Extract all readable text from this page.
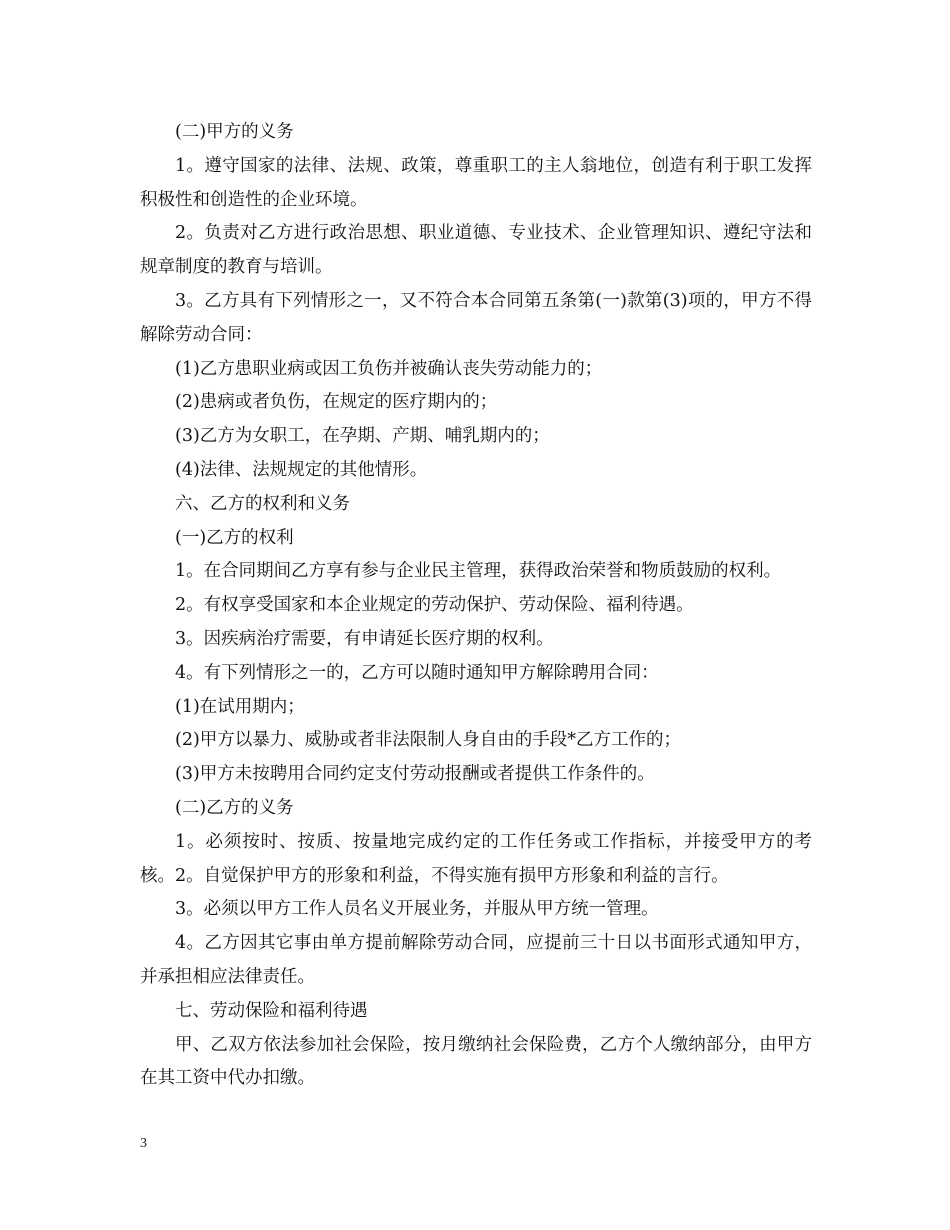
(二)甲方的义务

1。遵守国家的法律、法规、政策，尊重职工的主人翁地位，创造有利于职工发挥积极性和创造性的企业环境。

2。负责对乙方进行政治思想、职业道德、专业技术、企业管理知识、遵纪守法和规章制度的教育与培训。

3。乙方具有下列情形之一，又不符合本合同第五条第(一)款第(3)项的，甲方不得解除劳动合同：

(1)乙方患职业病或因工负伤并被确认丧失劳动能力的；

(2)患病或者负伤，在规定的医疗期内的；

(3)乙方为女职工，在孕期、产期、哺乳期内的；

(4)法律、法规规定的其他情形。

六、乙方的权利和义务

(一)乙方的权利

1。在合同期间乙方享有参与企业民主管理，获得政治荣誉和物质鼓励的权利。

2。有权享受国家和本企业规定的劳动保护、劳动保险、福利待遇。

3。因疾病治疗需要，有申请延长医疗期的权利。

4。有下列情形之一的，乙方可以随时通知甲方解除聘用合同：

(1)在试用期内；

(2)甲方以暴力、威胁或者非法限制人身自由的手段*乙方工作的；

(3)甲方未按聘用合同约定支付劳动报酬或者提供工作条件的。

(二)乙方的义务

1。必须按时、按质、按量地完成约定的工作任务或工作指标，并接受甲方的考核。2。自觉保护甲方的形象和利益，不得实施有损甲方形象和利益的言行。

3。必须以甲方工作人员名义开展业务，并服从甲方统一管理。

4。乙方因其它事由单方提前解除劳动合同，应提前三十日以书面形式通知甲方，并承担相应法律责任。

七、劳动保险和福利待遇

甲、乙双方依法参加社会保险，按月缴纳社会保险费，乙方个人缴纳部分，由甲方在其工资中代办扣缴。

3
